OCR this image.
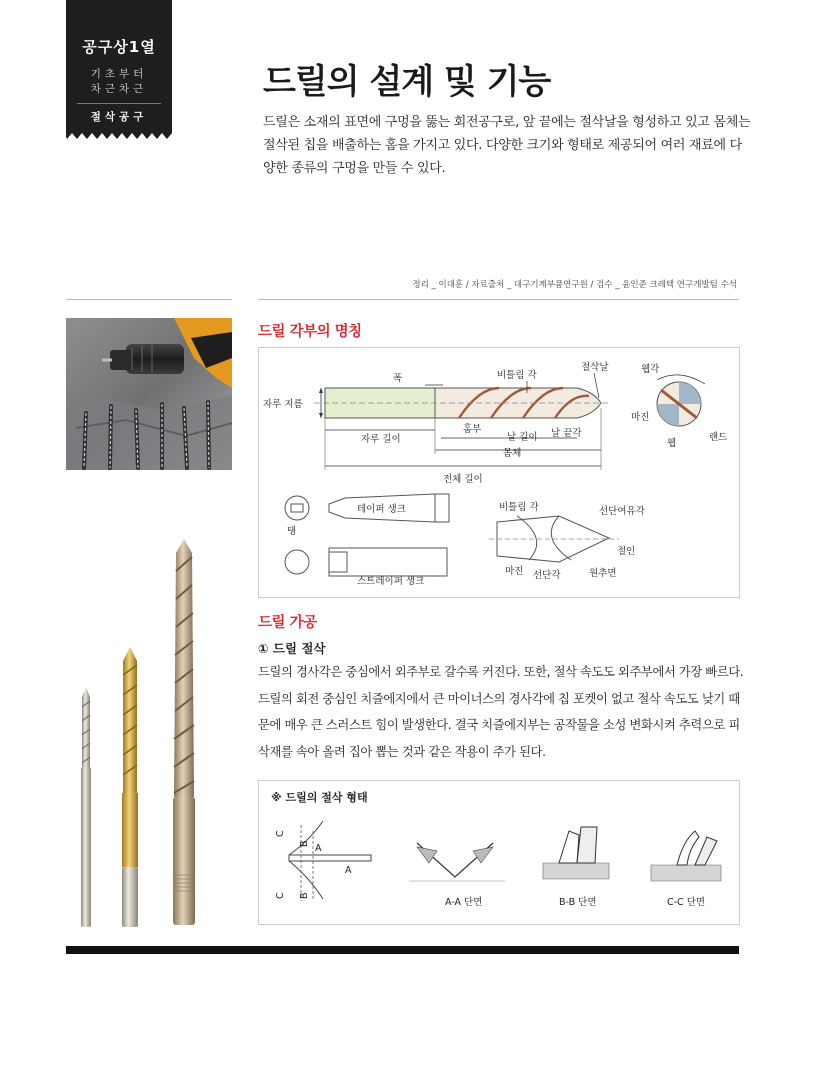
공구상1열
기초부터
차근차근
절삭공구
드릴의 설계 및 기능

드릴은 소재의 표면에 구멍을 뚫는 회전공구로, 앞 끝에는 절삭날을 형성하고 있고 몸체는 절삭된 칩을 배출하는 홈을 가지고 있다. 다양한 크기와 형태로 제공되어 여러 재료에 다양한 종류의 구멍을 만들 수 있다.

정리 _ 이대훈 / 자료출처 _ 대구기계부품연구원 / 검수 _ 윤인준 크레텍 연구개발팀 수석
드릴 각부의 명칭
자루 지름
폭	비틀림 각
절삭날
자루 길이
홈부
날 길이 날 끝각
몸체
전체 길이
웹각
마진
웹
랜드
테이퍼 생크
탱
스트레이퍼 생크
비틀림 각	선단여유각
절인
마진 선단각	원추면
드릴 가공
① 드릴 절삭

드릴의 경사각은 중심에서 외주부로 갈수록 커진다. 또한, 절삭 속도도 외주부에서 가장 빠르다. 드릴의 회전 중심인 치즐에지에서 큰 마이너스의 경사각에 칩 포켓이 없고 절삭 속도도 낮기 때문에 매우 큰 스러스트 힘이 발생한다. 결국 치즐에지부는 공작물을 소성 변화시켜 추력으로 피삭재를 속아 올려 집아 뽑는 것과 같은 작용이 주가 된다.

※ 드릴의 절삭 형태
C
B A
A
C B
A-A 단면	B-B 단면	C-C 단면
